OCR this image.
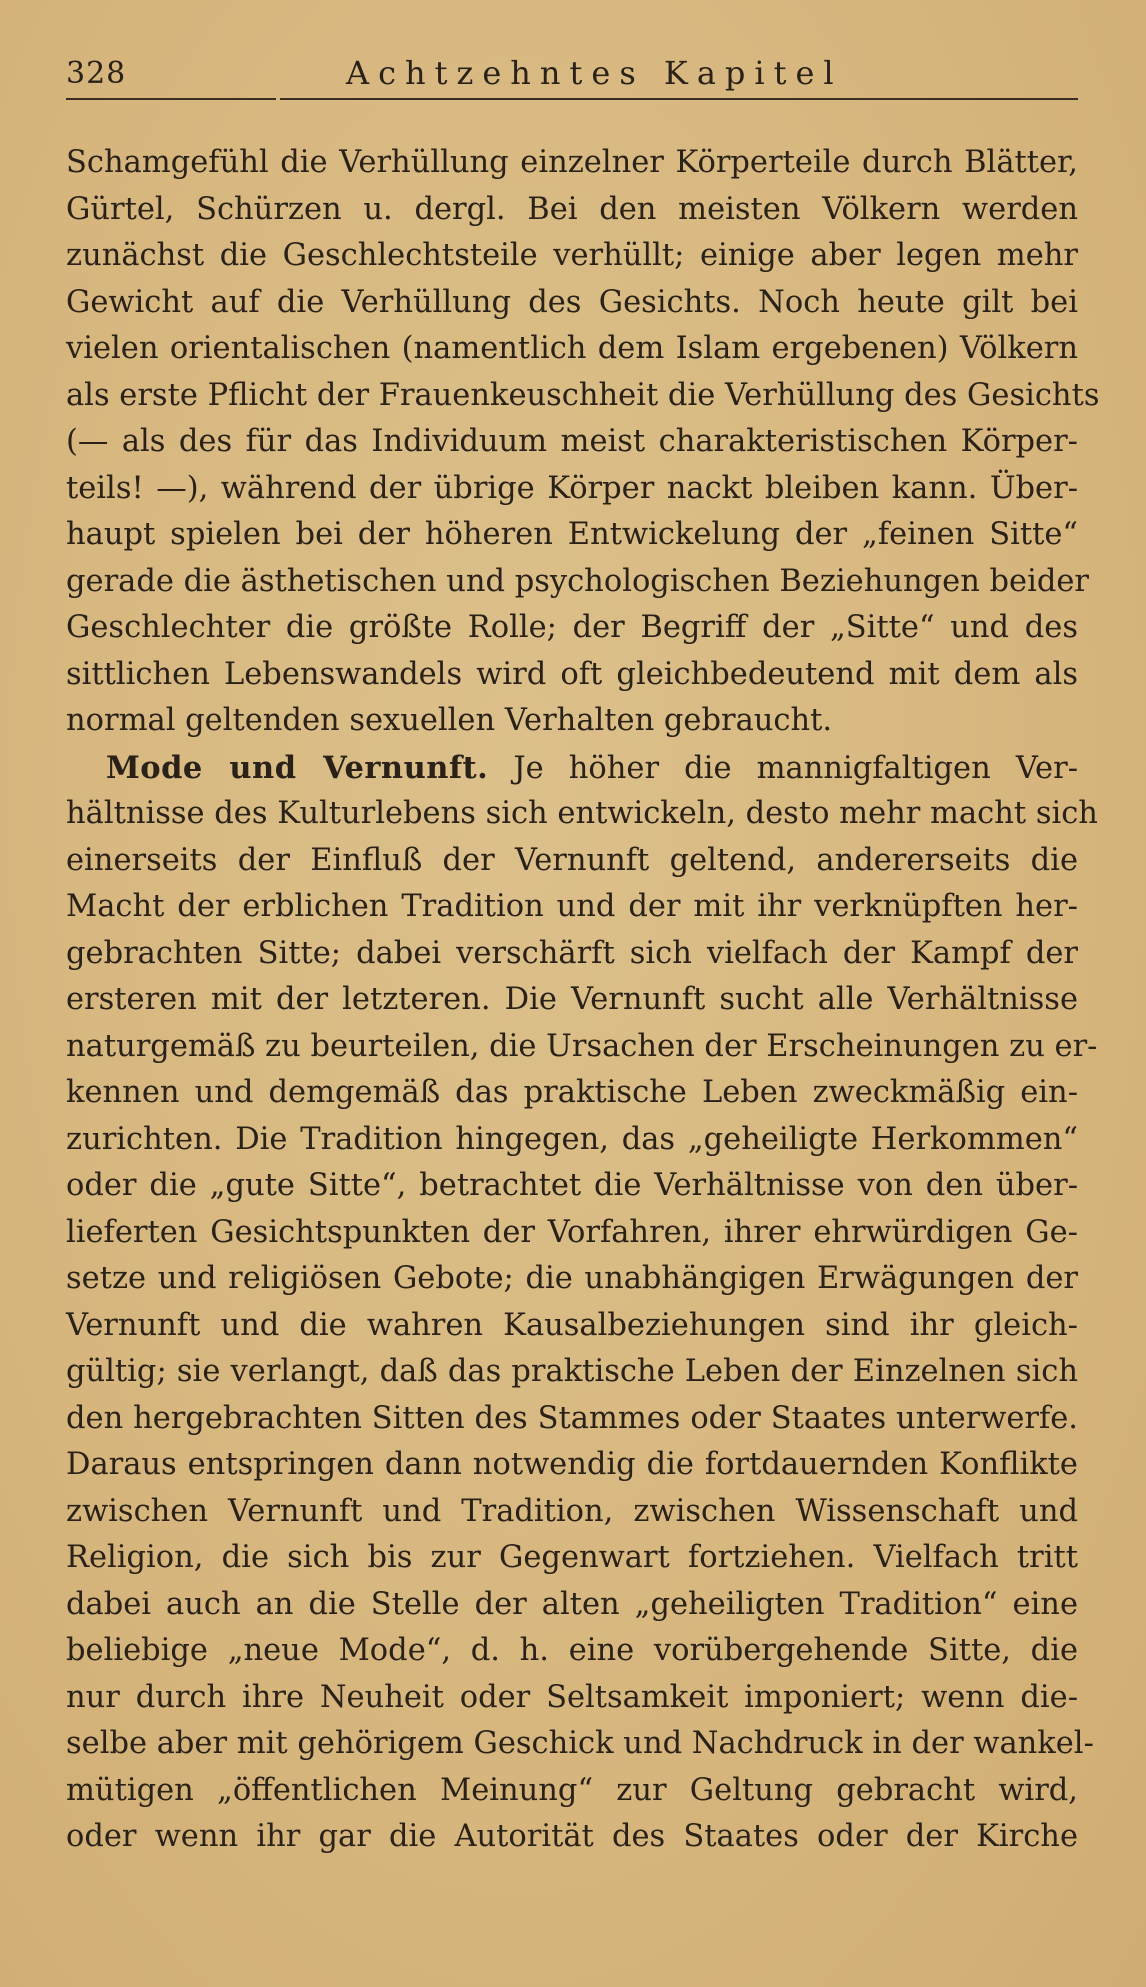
328	Achtzehntes Kapitel
Schamgefühl die Verhüllung einzelner Körperteile durch Blätter,
Gürtel, Schürzen u. dergl. Bei den meisten Völkern werden
zunächst die Geschlechtsteile verhüllt; einige aber legen mehr
Gewicht auf die Verhüllung des Gesichts. Noch heute gilt bei
vielen orientalischen (namentlich dem Islam ergebenen) Völkern
als erste Pflicht der Frauenkeuschheit die Verhüllung des Gesichts
(— als des für das Individuum meist charakteristischen Körper-
teils! —), während der übrige Körper nackt bleiben kann. Über-
haupt spielen bei der höheren Entwickelung der „feinen Sitte“
gerade die ästhetischen und psychologischen Beziehungen beider
Geschlechter die größte Rolle; der Begriff der „Sitte“ und des
sittlichen Lebenswandels wird oft gleichbedeutend mit dem als
normal geltenden sexuellen Verhalten gebraucht.
Mode und Vernunft. Je höher die mannigfaltigen Ver-
hältnisse des Kulturlebens sich entwickeln, desto mehr macht sich
einerseits der Einfluß der Vernunft geltend, andererseits die
Macht der erblichen Tradition und der mit ihr verknüpften her-
gebrachten Sitte; dabei verschärft sich vielfach der Kampf der
ersteren mit der letzteren. Die Vernunft sucht alle Verhältnisse
naturgemäß zu beurteilen, die Ursachen der Erscheinungen zu er-
kennen und demgemäß das praktische Leben zweckmäßig ein-
zurichten. Die Tradition hingegen, das „geheiligte Herkommen“
oder die „gute Sitte“, betrachtet die Verhältnisse von den über-
lieferten Gesichtspunkten der Vorfahren, ihrer ehrwürdigen Ge-
setze und religiösen Gebote; die unabhängigen Erwägungen der
Vernunft und die wahren Kausalbeziehungen sind ihr gleich-
gültig; sie verlangt, daß das praktische Leben der Einzelnen sich
den hergebrachten Sitten des Stammes oder Staates unterwerfe.
Daraus entspringen dann notwendig die fortdauernden Konflikte
zwischen Vernunft und Tradition, zwischen Wissenschaft und
Religion, die sich bis zur Gegenwart fortziehen. Vielfach tritt
dabei auch an die Stelle der alten „geheiligten Tradition“ eine
beliebige „neue Mode“, d. h. eine vorübergehende Sitte, die
nur durch ihre Neuheit oder Seltsamkeit imponiert; wenn die-
selbe aber mit gehörigem Geschick und Nachdruck in der wankel-
mütigen „öffentlichen Meinung“ zur Geltung gebracht wird,
oder wenn ihr gar die Autorität des Staates oder der Kirche
